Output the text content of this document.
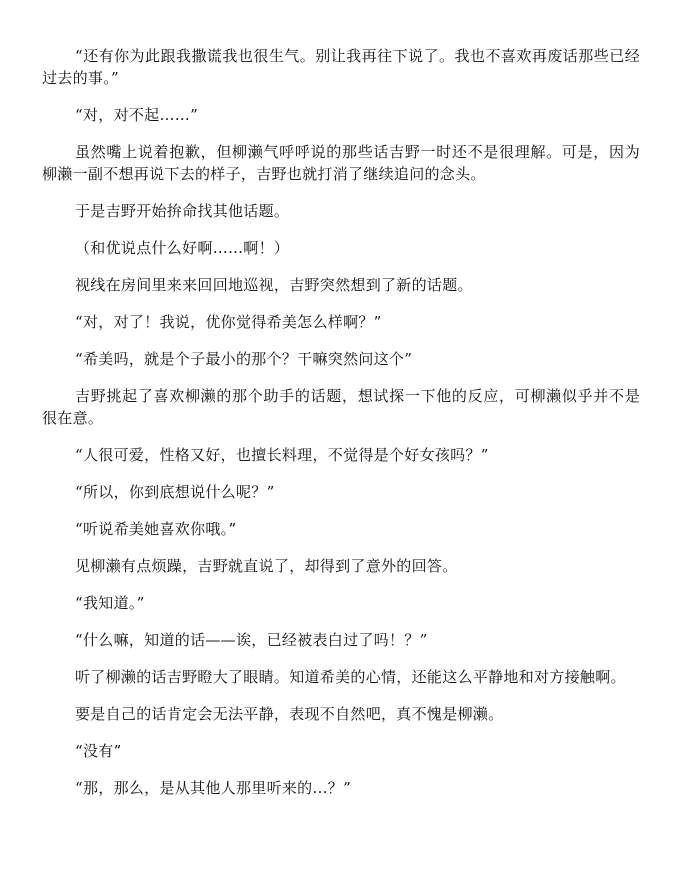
“还有你为此跟我撒谎我也很生气。别让我再往下说了。我也不喜欢再废话那些已经过去的事。”

“对，对不起……”

虽然嘴上说着抱歉，但柳濑气呼呼说的那些话吉野一时还不是很理解。可是，因为柳濑一副不想再说下去的样子，吉野也就打消了继续追问的念头。

于是吉野开始拚命找其他话题。

（和优说点什么好啊……啊！）

视线在房间里来来回回地巡视，吉野突然想到了新的话题。

“对，对了！我说，优你觉得希美怎么样啊？”

“希美吗，就是个子最小的那个？干嘛突然问这个”

吉野挑起了喜欢柳濑的那个助手的话题，想试探一下他的反应，可柳濑似乎并不是很在意。

“人很可爱，性格又好，也擅长料理，不觉得是个好女孩吗？”

“所以，你到底想说什么呢？”

“听说希美她喜欢你哦。”

见柳濑有点烦躁，吉野就直说了，却得到了意外的回答。

“我知道。”

“什么嘛，知道的话——诶，已经被表白过了吗！？”

听了柳濑的话吉野瞪大了眼睛。知道希美的心情，还能这么平静地和对方接触啊。

要是自己的话肯定会无法平静，表现不自然吧，真不愧是柳濑。

“没有”

“那，那么，是从其他人那里听来的…？”
